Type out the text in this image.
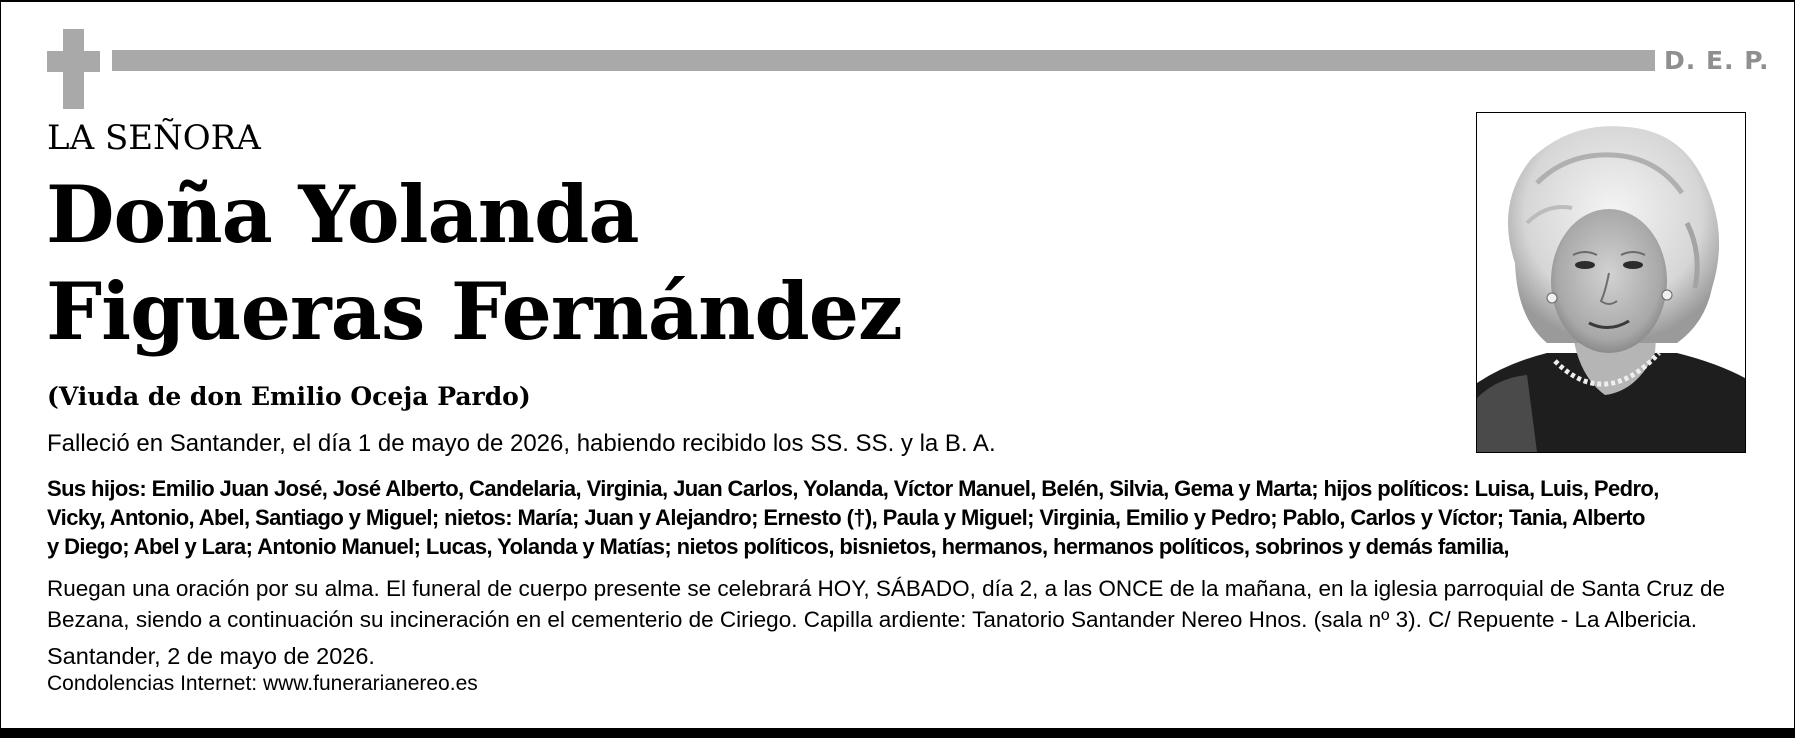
D. E. P.
LA SEÑORA
Doña Yolanda
Figueras Fernández
(Viuda de don Emilio Oceja Pardo)
Falleció en Santander, el día 1 de mayo de 2026, habiendo recibido los SS. SS. y la B. A.
Sus hijos: Emilio Juan José, José Alberto, Candelaria, Virginia, Juan Carlos, Yolanda, Víctor Manuel, Belén, Silvia, Gema y Marta; hijos políticos: Luisa, Luis, Pedro,
Vicky, Antonio, Abel, Santiago y Miguel; nietos: María; Juan y Alejandro; Ernesto (†), Paula y Miguel; Virginia, Emilio y Pedro; Pablo, Carlos y Víctor; Tania, Alberto
y Diego; Abel y Lara; Antonio Manuel; Lucas, Yolanda y Matías; nietos políticos, bisnietos, hermanos, hermanos políticos, sobrinos y demás familia,
Ruegan una oración por su alma. El funeral de cuerpo presente se celebrará HOY, SÁBADO, día 2, a las ONCE de la mañana, en la iglesia parroquial de Santa Cruz de
Bezana, siendo a continuación su incineración en el cementerio de Ciriego. Capilla ardiente: Tanatorio Santander Nereo Hnos. (sala nº 3). C/ Repuente - La Albericia.
Santander, 2 de mayo de 2026.
Condolencias Internet: www.funerarianereo.es
